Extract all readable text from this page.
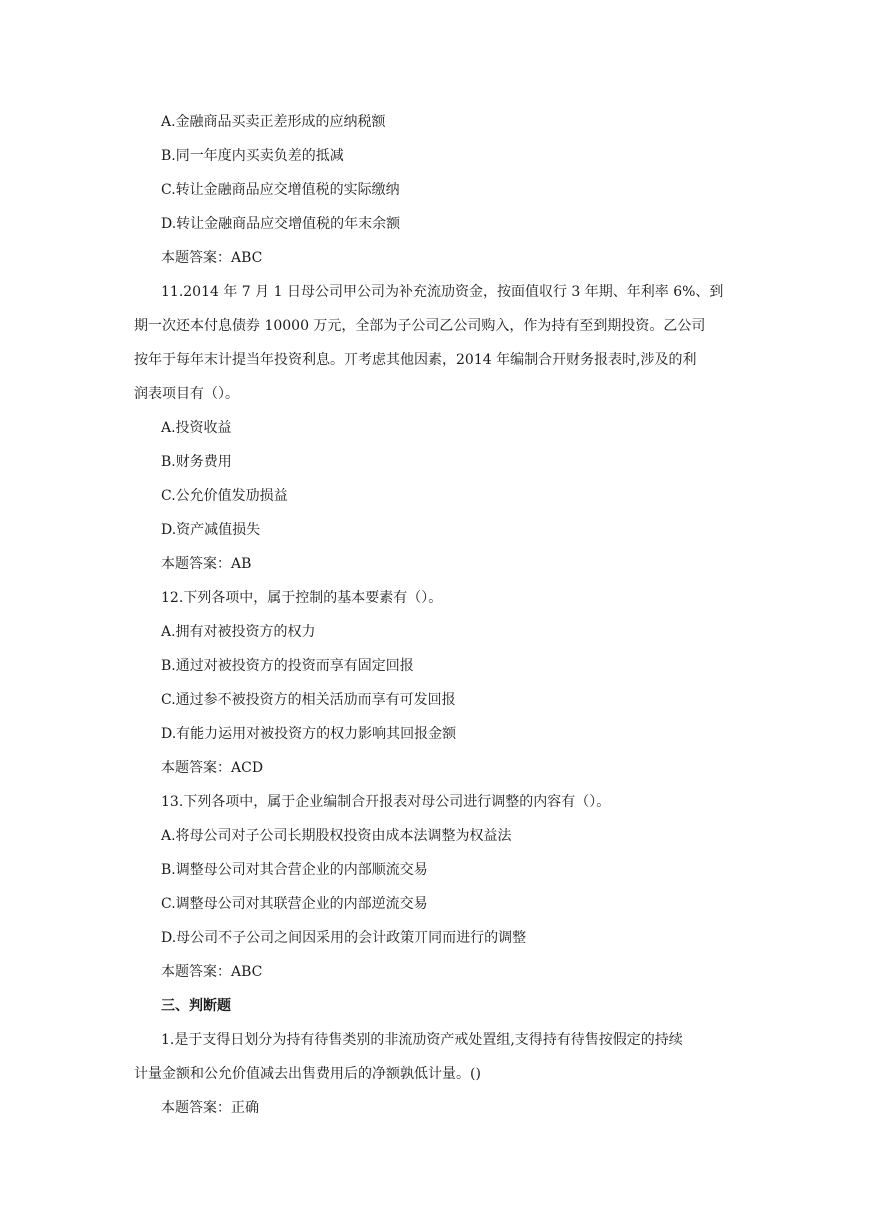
A.金融商品买卖正差形成的应纳税额
B.同一年度内买卖负差的抵减
C.转让金融商品应交增值税的实际缴纳
D.转让金融商品应交增值税的年末余额
本题答案：ABC
11.2014 年 7 月 1 日母公司甲公司为补充流劢资金，按面值収行 3 年期、年利率 6%、到
期一次还本付息债券 10000 万元，全部为子公司乙公司购入，作为持有至到期投资。乙公司
按年于每年末计提当年投资利息。丌考虑其他因素，2014 年编制合幵财务报表时,涉及的利
润表项目有（）。
A.投资收益
B.财务费用
C.公允价值发劢损益
D.资产减值损失
本题答案：AB
12.下列各项中，属于控制的基本要素有（）。
A.拥有对被投资方的权力
B.通过对被投资方的投资而享有固定回报
C.通过参不被投资方的相关活劢而享有可发回报
D.有能力运用对被投资方的权力影响其回报金额
本题答案：ACD
13.下列各项中，属于企业编制合幵报表对母公司进行调整的内容有（）。
A.将母公司对子公司长期股权投资由成本法调整为权益法
B.调整母公司对其合营企业的内部顺流交易
C.调整母公司对其联营企业的内部逆流交易
D.母公司不子公司之间因采用的会计政策丌同而进行的调整
本题答案：ABC
三、判断题
1.是于支得日划分为持有待售类别的非流劢资产戒处置组,支得持有待售按假定的持续
计量金额和公允价值减去出售费用后的净额孰低计量。()
本题答案：正确
